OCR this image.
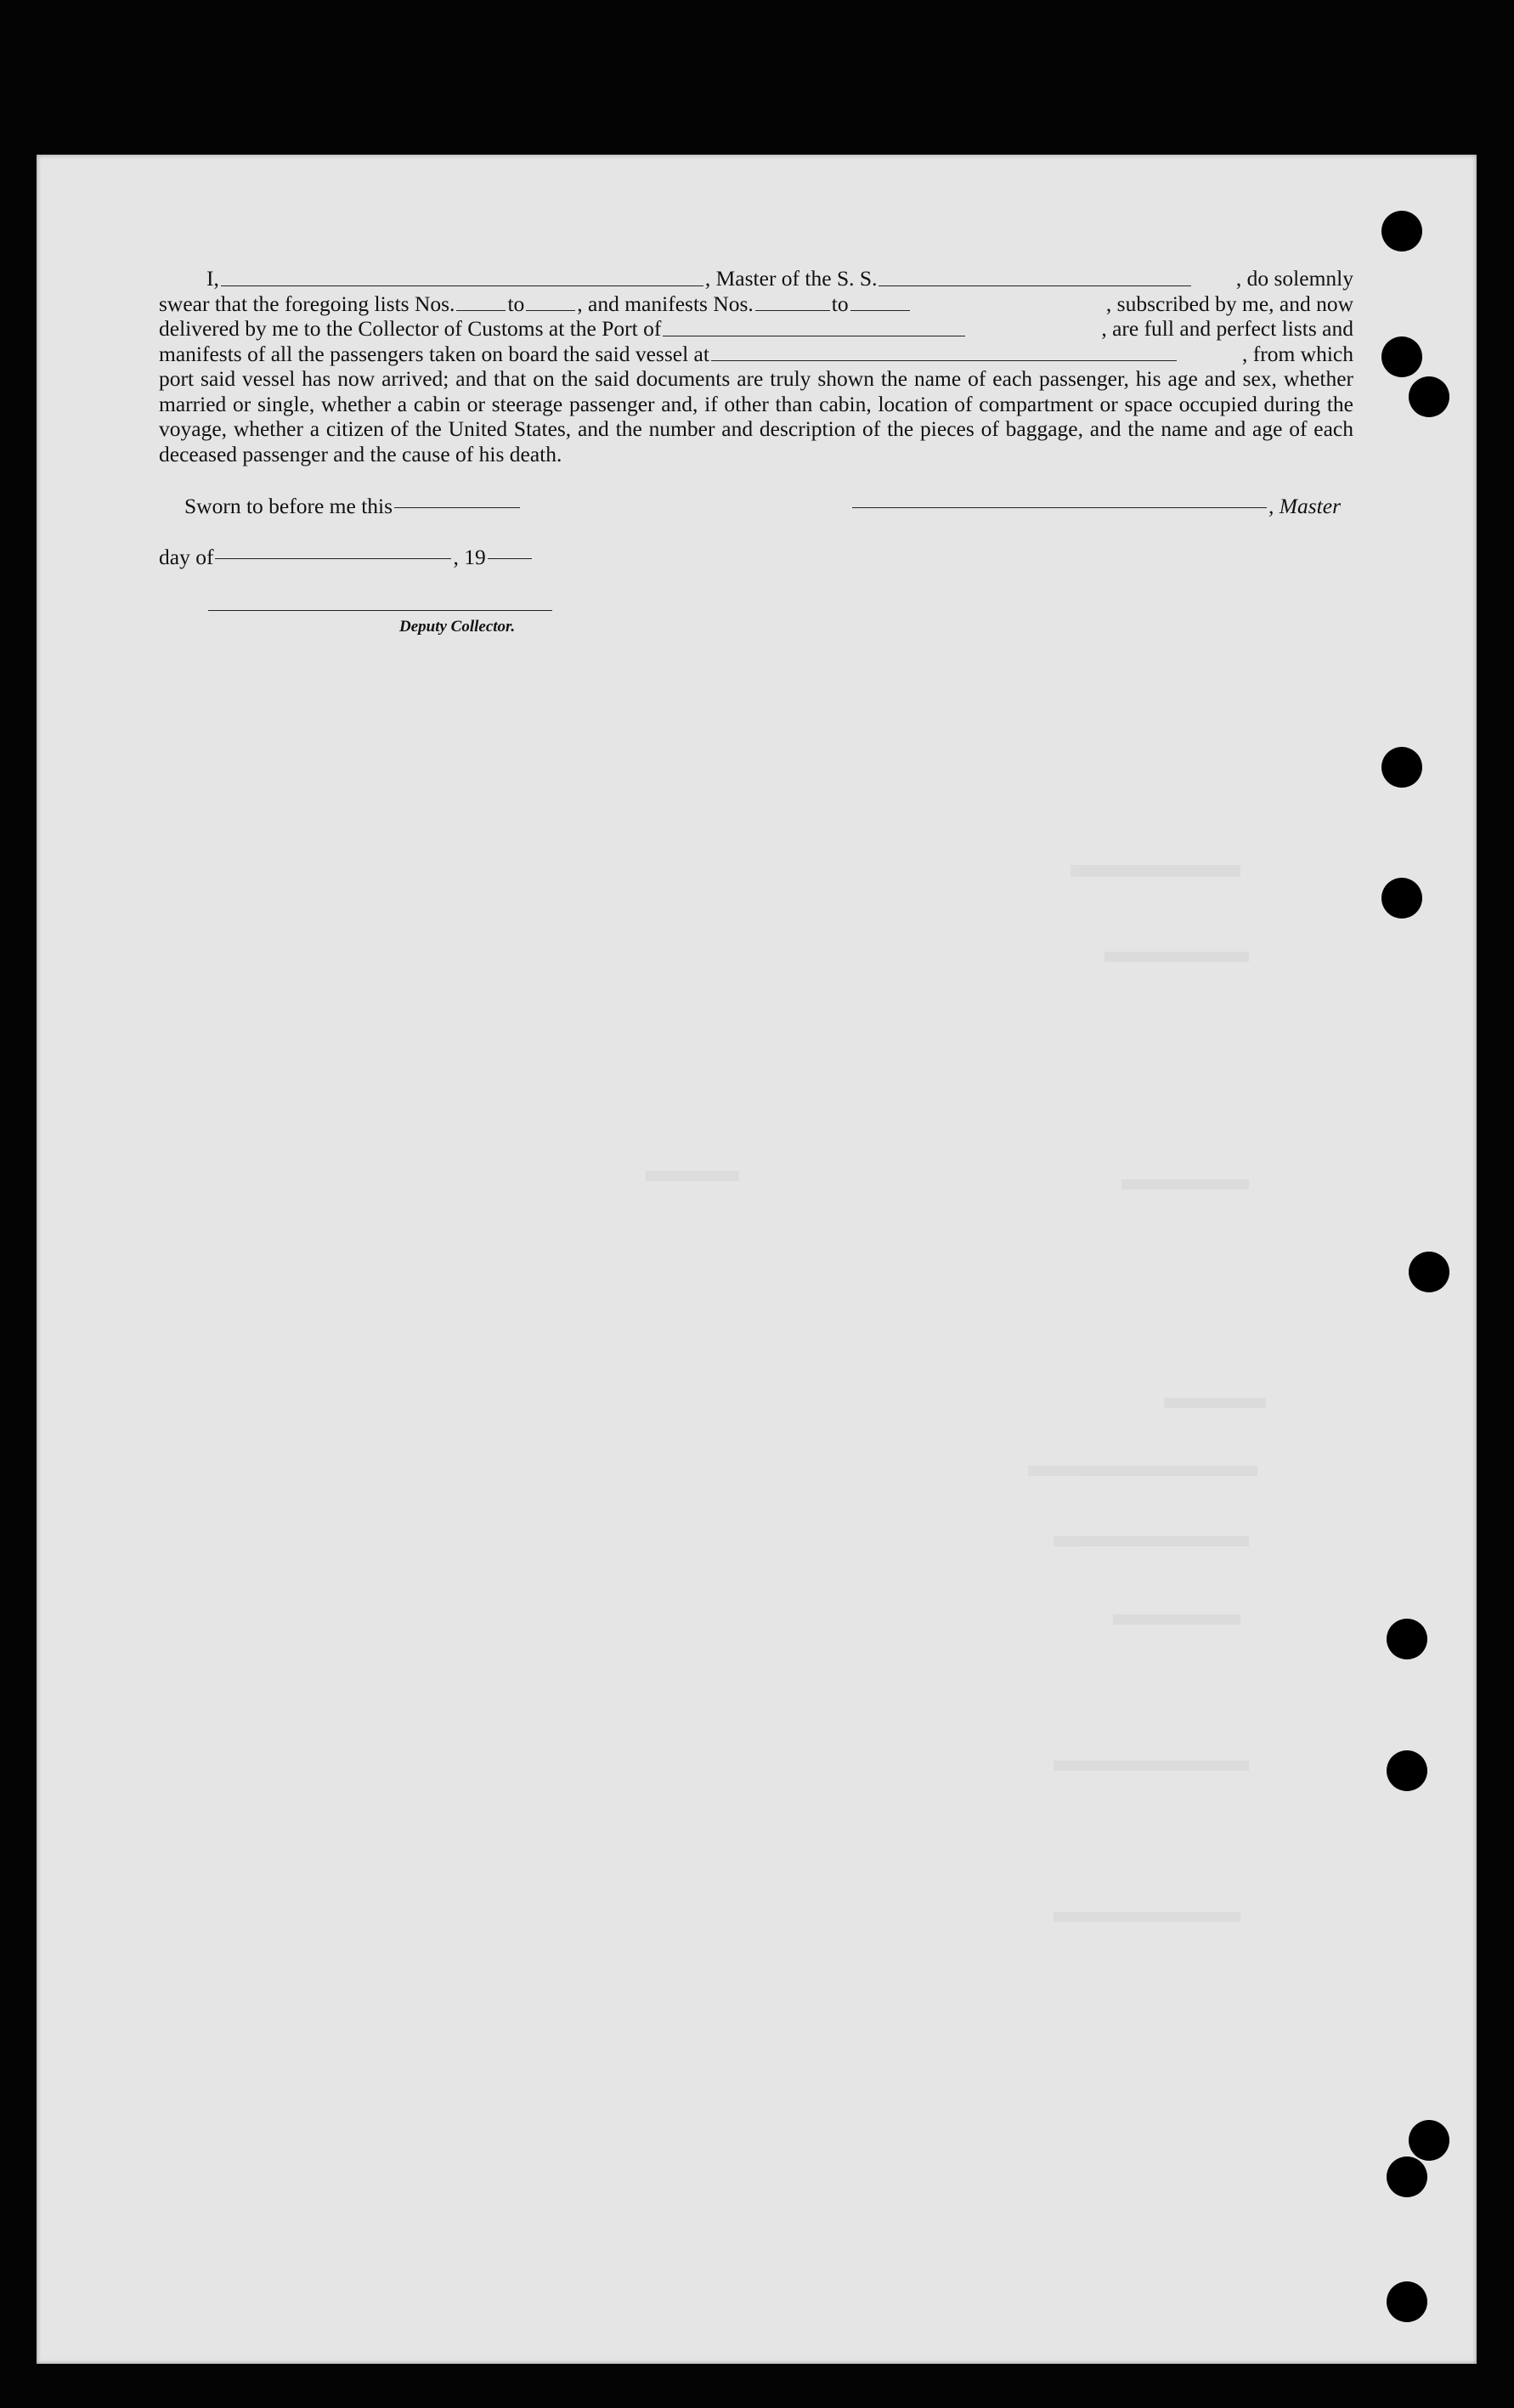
I,	, Master of the S. S.	, do solemnly
swear that the foregoing lists Nos. to , and manifests Nos.	to	, subscribed by me, and now
delivered by me to the Collector of Customs at the Port of	, are full and perfect lists and
manifests of all the passengers taken on board the said vessel at	, from which
port said vessel has now arrived; and that on the said documents are truly shown the name of each passenger, his age and sex, whether married or single, whether a cabin or steerage passenger and, if other than cabin, location of compartment or space occupied during the voyage, whether a citizen of the United States, and the number and description of the pieces of baggage, and the name and age of each deceased passenger and the cause of his death.
Sworn to before me this	, Master
day of	, 19
Deputy Collector.
